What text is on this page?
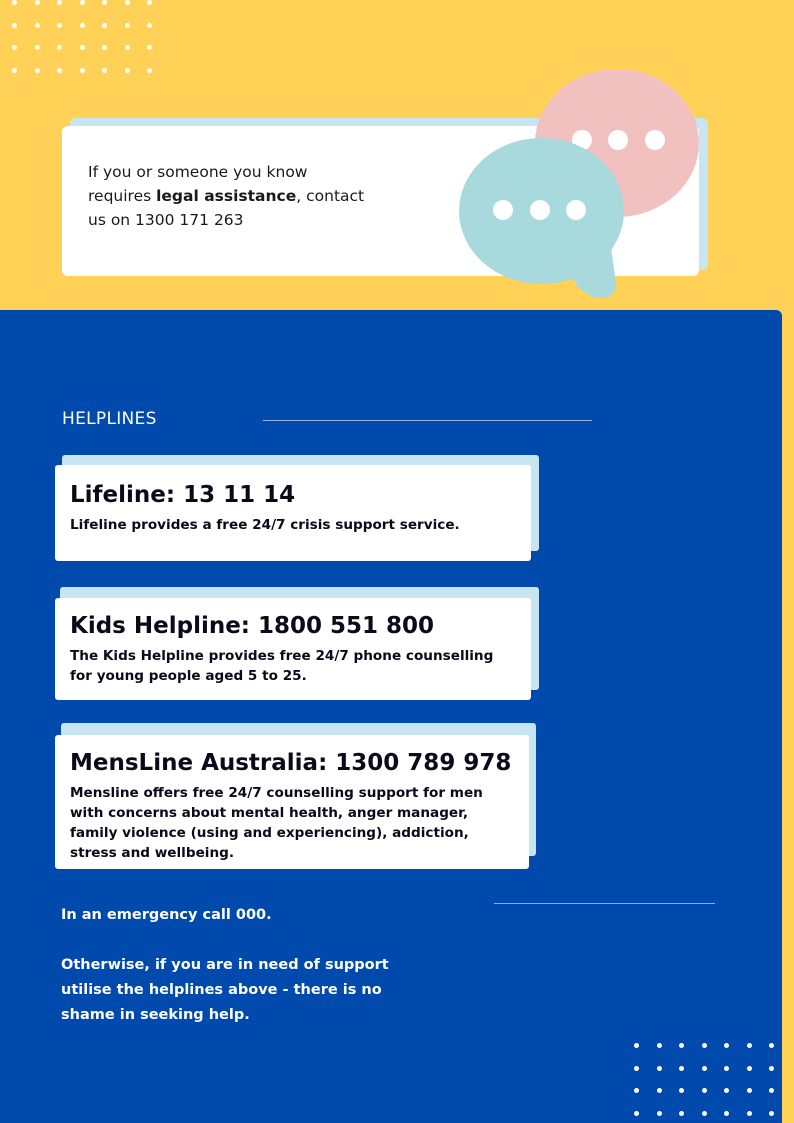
If you or someone you know
requires legal assistance, contact
us on 1300 171 263
HELPLINES
Lifeline: 13 11 14
Lifeline provides a free 24/7 crisis support service.
Kids Helpline: 1800 551 800
The Kids Helpline provides free 24/7 phone counselling
for young people aged 5 to 25.
MensLine Australia: 1300 789 978
Mensline offers free 24/7 counselling support for men
with concerns about mental health, anger manager,
family violence (using and experiencing), addiction,
stress and wellbeing.
In an emergency call 000.
Otherwise, if you are in need of support
utilise the helplines above - there is no
shame in seeking help.
